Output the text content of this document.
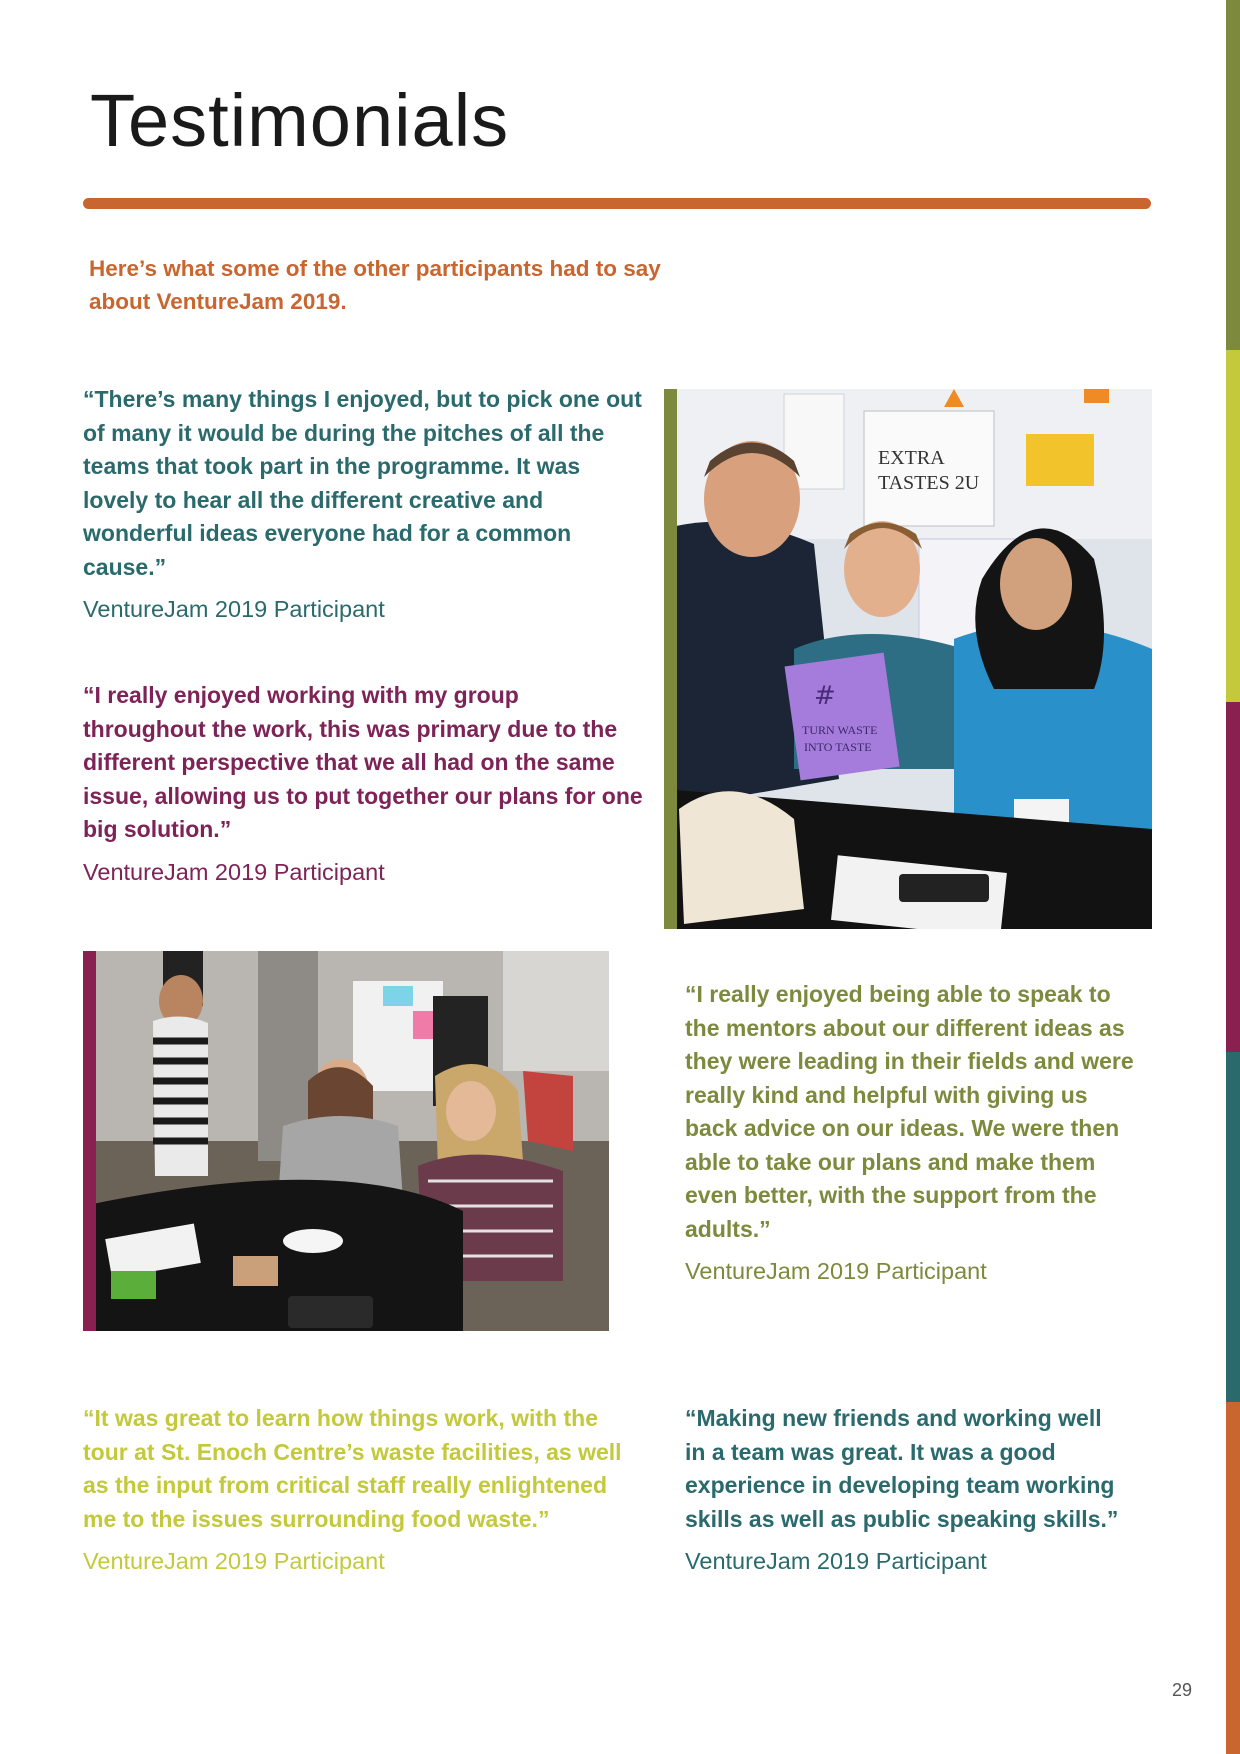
Testimonials

Here’s what some of the other participants had to say about VentureJam 2019.

“There’s many things I enjoyed, but to pick one out of many it would be during the pitches of all the teams that took part in the programme. It was lovely to hear all the different creative and wonderful ideas everyone had for a common cause.”

VentureJam 2019 Participant

“I really enjoyed working with my group throughout the work, this was primary due to the different perspective that we all had on the same issue, allowing us to put together our plans for one big solution.”

VentureJam 2019 Participant

EXTRA
TASTES 2U
#
TURN WASTE
INTO TASTE

“I really enjoyed being able to speak to the mentors about our different ideas as they were leading in their fields and were really kind and helpful with giving us back advice on our ideas. We were then able to take our plans and make them even better, with the support from the adults.”

VentureJam 2019 Participant

“It was great to learn how things work, with the tour at St. Enoch Centre’s waste facilities, as well as the input from critical staff really enlightened me to the issues surrounding food waste.”

VentureJam 2019 Participant

“Making new friends and working well in a team was great. It was a good experience in developing team working skills as well as public speaking skills.”

VentureJam 2019 Participant

29
